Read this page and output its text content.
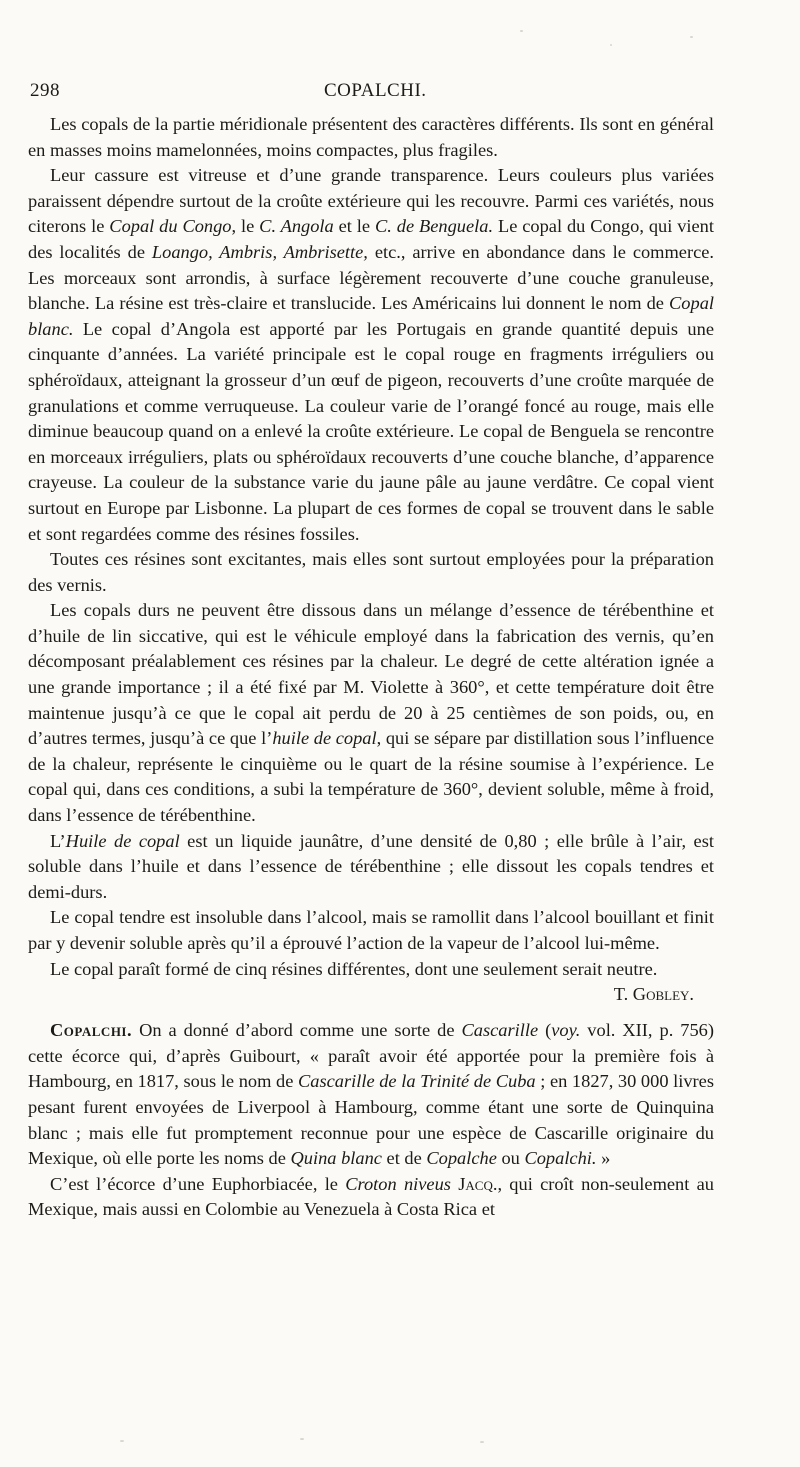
298	COPALCHI.

Les copals de la partie méridionale présentent des caractères différents. Ils sont en général en masses moins mamelonnées, moins compactes, plus fragiles.

Leur cassure est vitreuse et d’une grande transparence. Leurs couleurs plus variées paraissent dépendre surtout de la croûte extérieure qui les recouvre. Parmi ces variétés, nous citerons le Copal du Congo, le C. Angola et le C. de Benguela. Le copal du Congo, qui vient des localités de Loango, Ambris, Ambrisette, etc., arrive en abondance dans le commerce. Les morceaux sont arrondis, à surface légèrement recouverte d’une couche granuleuse, blanche. La résine est très-claire et translucide. Les Américains lui donnent le nom de Copal blanc. Le copal d’Angola est apporté par les Portugais en grande quantité depuis une cinquante d’années. La variété principale est le copal rouge en fragments irréguliers ou sphéroïdaux, atteignant la grosseur d’un œuf de pigeon, recouverts d’une croûte marquée de granulations et comme verruqueuse. La couleur varie de l’orangé foncé au rouge, mais elle diminue beaucoup quand on a enlevé la croûte extérieure. Le copal de Benguela se rencontre en morceaux irréguliers, plats ou sphéroïdaux recouverts d’une couche blanche, d’apparence crayeuse. La couleur de la substance varie du jaune pâle au jaune verdâtre. Ce copal vient surtout en Europe par Lisbonne. La plupart de ces formes de copal se trouvent dans le sable et sont regardées comme des résines fossiles.

Toutes ces résines sont excitantes, mais elles sont surtout employées pour la préparation des vernis.

Les copals durs ne peuvent être dissous dans un mélange d’essence de térébenthine et d’huile de lin siccative, qui est le véhicule employé dans la fabrication des vernis, qu’en décomposant préalablement ces résines par la chaleur. Le degré de cette altération ignée a une grande importance ; il a été fixé par M. Violette à 360°, et cette température doit être maintenue jusqu’à ce que le copal ait perdu de 20 à 25 centièmes de son poids, ou, en d’autres termes, jusqu’à ce que l’huile de copal, qui se sépare par distillation sous l’influence de la chaleur, représente le cinquième ou le quart de la résine soumise à l’expérience. Le copal qui, dans ces conditions, a subi la température de 360°, devient soluble, même à froid, dans l’essence de térébenthine.

L’Huile de copal est un liquide jaunâtre, d’une densité de 0,80 ; elle brûle à l’air, est soluble dans l’huile et dans l’essence de térébenthine ; elle dissout les copals tendres et demi-durs.

Le copal tendre est insoluble dans l’alcool, mais se ramollit dans l’alcool bouillant et finit par y devenir soluble après qu’il a éprouvé l’action de la vapeur de l’alcool lui-même.

Le copal paraît formé de cinq résines différentes, dont une seulement serait neutre.
T. Gobley.

Copalchi. On a donné d’abord comme une sorte de Cascarille (voy. vol. XII, p. 756) cette écorce qui, d’après Guibourt, « paraît avoir été apportée pour la première fois à Hambourg, en 1817, sous le nom de Cascarille de la Trinité de Cuba ; en 1827, 30 000 livres pesant furent envoyées de Liverpool à Hambourg, comme étant une sorte de Quinquina blanc ; mais elle fut promptement reconnue pour une espèce de Cascarille originaire du Mexique, où elle porte les noms de Quina blanc et de Copalche ou Copalchi. »

C’est l’écorce d’une Euphorbiacée, le Croton niveus Jacq., qui croît non-seulement au Mexique, mais aussi en Colombie au Venezuela à Costa Rica et
